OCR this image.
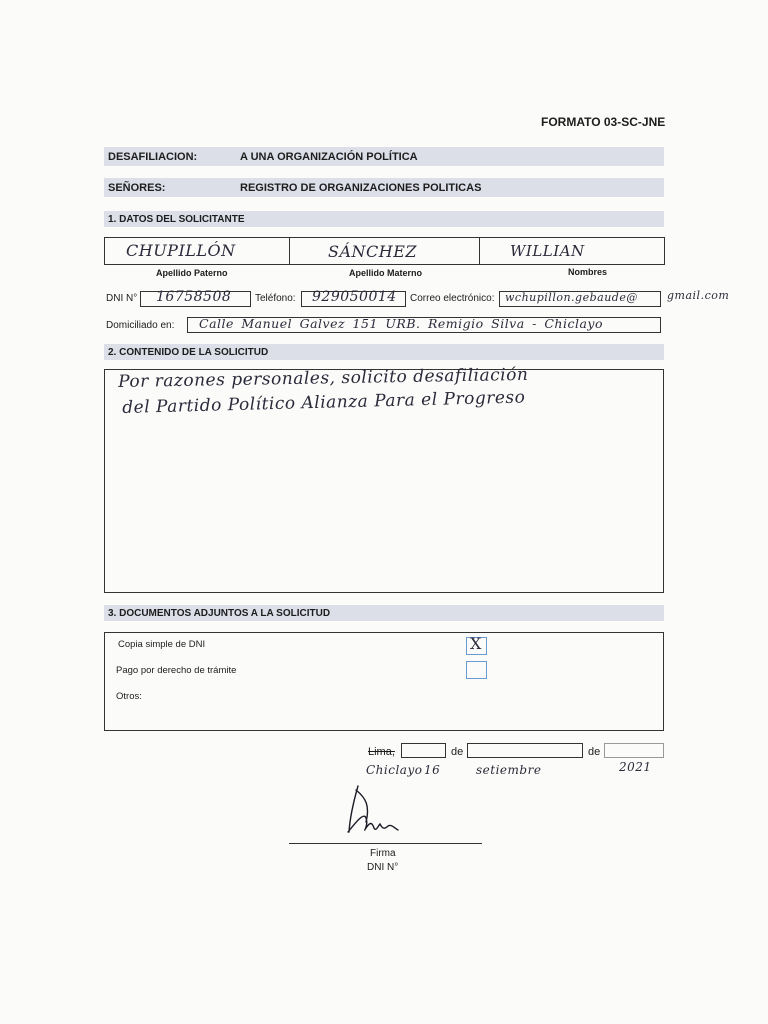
FORMATO 03-SC-JNE
DESAFILIACION:	A UNA ORGANIZACIÓN POLÍTICA
SEÑORES:	REGISTRO DE ORGANIZACIONES POLITICAS
1. DATOS DEL SOLICITANTE
CHUPILLÓN	SÁNCHEZ	WILLIAN
Apellido Paterno	Apellido Materno	Nombres
DNI N° 16758508 Teléfono: 929050014 Correo electrónico: wchupillon.gebaude@	gmail.com
Domiciliado en: Calle Manuel Galvez 151 URB. Remigio Silva - Chiclayo
2. CONTENIDO DE LA SOLICITUD
Por razones personales, solicito desafiliación
del Partido Político Alianza Para el Progreso
3. DOCUMENTOS ADJUNTOS A LA SOLICITUD
Copia simple de DNI	X
Pago por derecho de trámite
Otros:
Lima,	de	de
Chiclayo 16	setiembre	2021
Firma
DNI N°
